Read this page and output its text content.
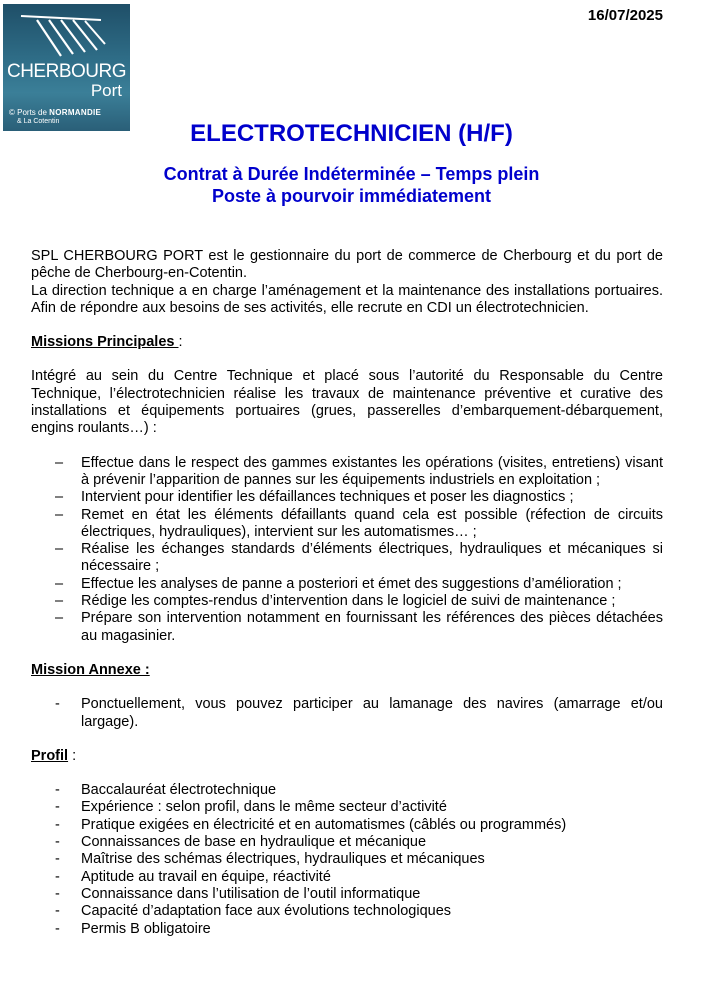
CHERBOURG
Port
© Ports de NORMANDIE
& La Cotentin
16/07/2025
ELECTROTECHNICIEN (H/F)
Contrat à Durée Indéterminée – Temps plein
Poste à pourvoir immédiatement

SPL CHERBOURG PORT est le gestionnaire du port de commerce de Cherbourg et du port de pêche de Cherbourg-en-Cotentin.

La direction technique a en charge l’aménagement et la maintenance des installations portuaires. Afin de répondre aux besoins de ses activités, elle recrute en CDI un électrotechnicien.

Missions Principales :

Intégré au sein du Centre Technique et placé sous l’autorité du Responsable du Centre Technique, l’électrotechnicien réalise les travaux de maintenance préventive et curative des installations et équipements portuaires (grues, passerelles d’embarquement-débarquement, engins roulants…) :

– Effectue dans le respect des gammes existantes les opérations (visites, entretiens) visant à prévenir l’apparition de pannes sur les équipements industriels en exploitation ;
– Intervient pour identifier les défaillances techniques et poser les diagnostics ;
– Remet en état les éléments défaillants quand cela est possible (réfection de circuits électriques, hydrauliques), intervient sur les automatismes… ;
– Réalise les échanges standards d’éléments électriques, hydrauliques et mécaniques si nécessaire ;
– Effectue les analyses de panne a posteriori et émet des suggestions d’amélioration ;
– Rédige les comptes-rendus d’intervention dans le logiciel de suivi de maintenance ;
– Prépare son intervention notamment en fournissant les références des pièces détachées au magasinier.

Mission Annexe :

- Ponctuellement, vous pouvez participer au lamanage des navires (amarrage et/ou largage).

Profil :

- Baccalauréat électrotechnique
- Expérience : selon profil, dans le même secteur d’activité
- Pratique exigées en électricité et en automatismes (câblés ou programmés)
- Connaissances de base en hydraulique et mécanique
- Maîtrise des schémas électriques, hydrauliques et mécaniques
- Aptitude au travail en équipe, réactivité
- Connaissance dans l’utilisation de l’outil informatique
- Capacité d’adaptation face aux évolutions technologiques
- Permis B obligatoire
